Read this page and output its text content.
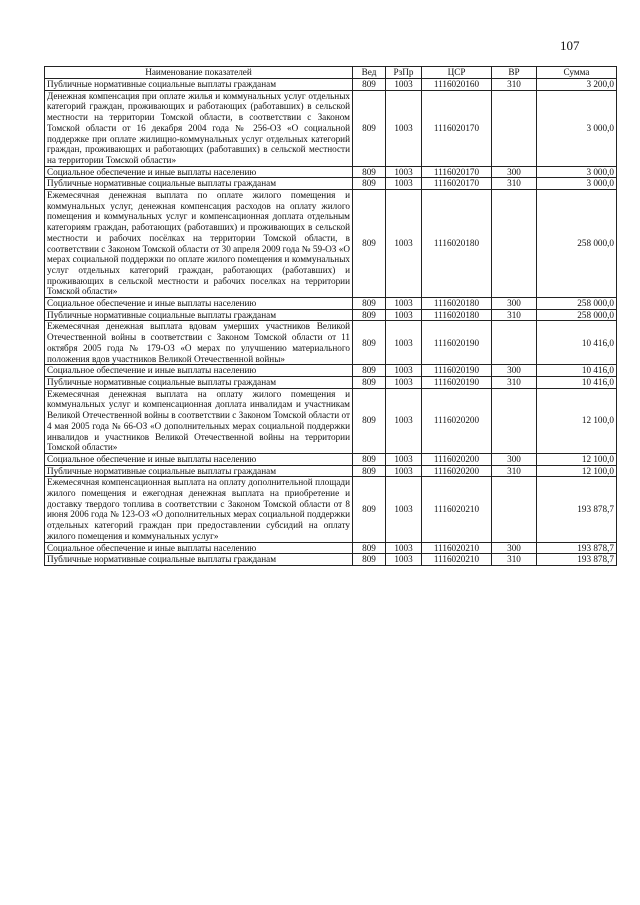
107
Наименование показателей	Вед	РзПр	ЦСР	ВР	Сумма
Публичные нормативные социальные выплаты гражданам	809	1003	1116020160	310	3 200,0
Денежная компенсация при оплате жилья и коммунальных услуг отдельных категорий граждан, проживающих и работающих (работавших) в сельской местности на территории Томской области, в соответствии с Законом Томской области от 16 декабря 2004 года № 256-ОЗ «О социальной поддержке при оплате жилищно-коммунальных услуг отдельных категорий граждан, проживающих и работающих (работавших) в сельской местности на территории Томской области»	809	1003	1116020170		3 000,0
Социальное обеспечение и иные выплаты населению	809	1003	1116020170	300	3 000,0
Публичные нормативные социальные выплаты гражданам	809	1003	1116020170	310	3 000,0
Ежемесячная денежная выплата по оплате жилого помещения и коммунальных услуг, денежная компенсация расходов на оплату жилого помещения и коммунальных услуг и компенсационная доплата отдельным категориям граждан, работающих (работавших) и проживающих в сельской местности и рабочих посёлках на территории Томской области, в соответствии с Законом Томской области от 30 апреля 2009 года № 59-ОЗ «О мерах социальной поддержки по оплате жилого помещения и коммунальных услуг отдельных категорий граждан, работающих (работавших) и проживающих в сельской местности и рабочих поселках на территории Томской области»	809	1003	1116020180		258 000,0
Социальное обеспечение и иные выплаты населению	809	1003	1116020180	300	258 000,0
Публичные нормативные социальные выплаты гражданам	809	1003	1116020180	310	258 000,0
Ежемесячная денежная выплата вдовам умерших участников Великой Отечественной войны в соответствии с Законом Томской области от 11 октября 2005 года № 179-ОЗ «О мерах по улучшению материального положения вдов участников Великой Отечественной войны»	809	1003	1116020190		10 416,0
Социальное обеспечение и иные выплаты населению	809	1003	1116020190	300	10 416,0
Публичные нормативные социальные выплаты гражданам	809	1003	1116020190	310	10 416,0
Ежемесячная денежная выплата на оплату жилого помещения и коммунальных услуг и компенсационная доплата инвалидам и участникам Великой Отечественной войны в соответствии с Законом Томской области от 4 мая 2005 года № 66-ОЗ «О дополнительных мерах социальной поддержки инвалидов и участников Великой Отечественной войны на территории Томской области»	809	1003	1116020200		12 100,0
Социальное обеспечение и иные выплаты населению	809	1003	1116020200	300	12 100,0
Публичные нормативные социальные выплаты гражданам	809	1003	1116020200	310	12 100,0
Ежемесячная компенсационная выплата на оплату дополнительной площади жилого помещения и ежегодная денежная выплата на приобретение и доставку твердого топлива в соответствии с Законом Томской области от 8 июня 2006 года № 123-ОЗ «О дополнительных мерах социальной поддержки отдельных категорий граждан при предоставлении субсидий на оплату жилого помещения и коммунальных услуг»	809	1003	1116020210		193 878,7
Социальное обеспечение и иные выплаты населению	809	1003	1116020210	300	193 878,7
Публичные нормативные социальные выплаты гражданам	809	1003	1116020210	310	193 878,7
